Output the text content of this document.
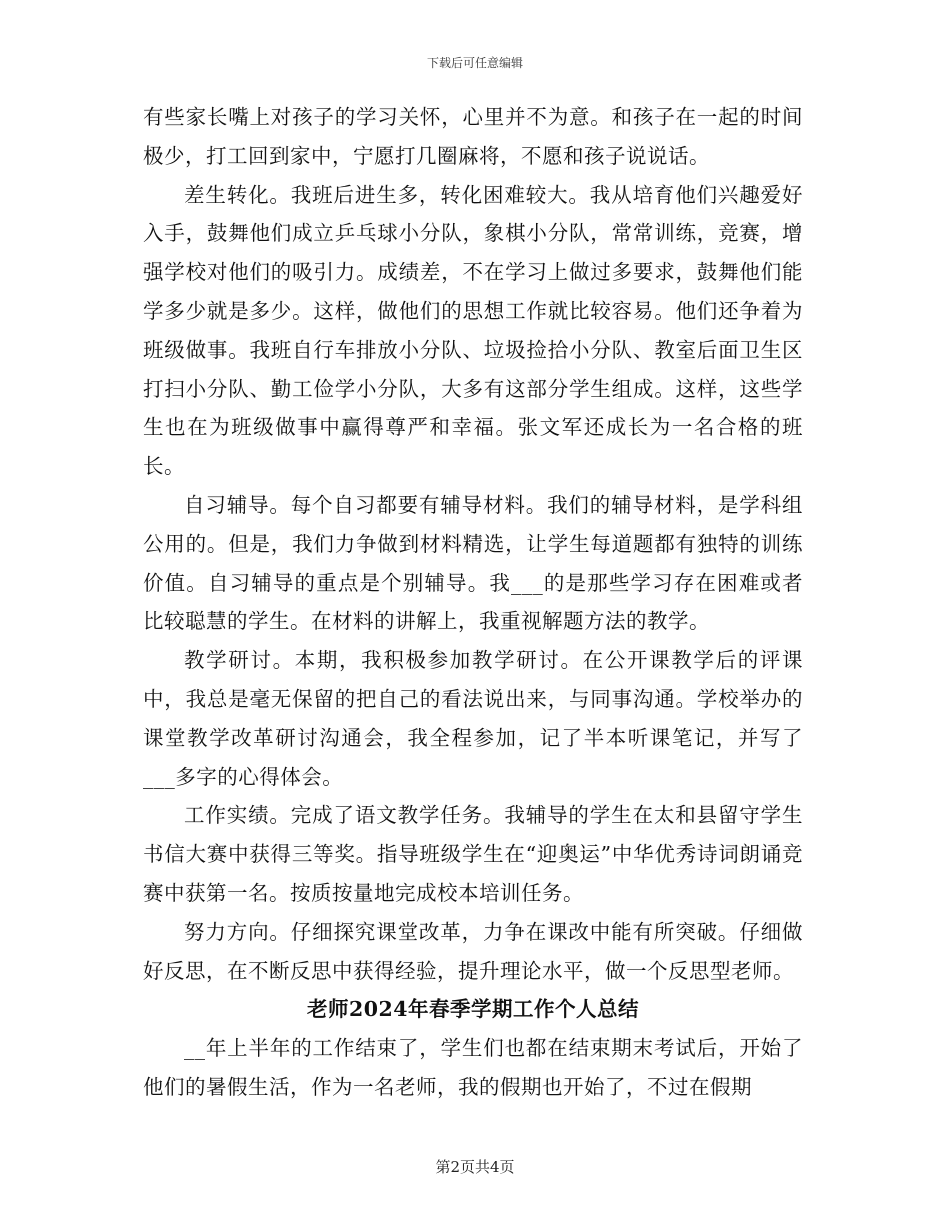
下载后可任意编辑

有些家长嘴上对孩子的学习关怀，心里并不为意。和孩子在一起的时间极少，打工回到家中，宁愿打几圈麻将，不愿和孩子说说话。

差生转化。我班后进生多，转化困难较大。我从培育他们兴趣爱好入手，鼓舞他们成立乒乓球小分队，象棋小分队，常常训练，竞赛，增强学校对他们的吸引力。成绩差，不在学习上做过多要求，鼓舞他们能学多少就是多少。这样，做他们的思想工作就比较容易。他们还争着为班级做事。我班自行车排放小分队、垃圾捡拾小分队、教室后面卫生区打扫小分队、勤工俭学小分队，大多有这部分学生组成。这样，这些学生也在为班级做事中赢得尊严和幸福。张文军还成长为一名合格的班长。

自习辅导。每个自习都要有辅导材料。我们的辅导材料，是学科组公用的。但是，我们力争做到材料精选，让学生每道题都有独特的训练价值。自习辅导的重点是个别辅导。我___的是那些学习存在困难或者比较聪慧的学生。在材料的讲解上，我重视解题方法的教学。

教学研讨。本期，我积极参加教学研讨。在公开课教学后的评课中，我总是毫无保留的把自己的看法说出来，与同事沟通。学校举办的课堂教学改革研讨沟通会，我全程参加，记了半本听课笔记，并写了___多字的心得体会。

工作实绩。完成了语文教学任务。我辅导的学生在太和县留守学生书信大赛中获得三等奖。指导班级学生在“迎奥运”中华优秀诗词朗诵竞赛中获第一名。按质按量地完成校本培训任务。

努力方向。仔细探究课堂改革，力争在课改中能有所突破。仔细做好反思，在不断反思中获得经验，提升理论水平，做一个反思型老师。

老师2024年春季学期工作个人总结

__年上半年的工作结束了，学生们也都在结束期末考试后，开始了他们的暑假生活，作为一名老师，我的假期也开始了，不过在假期

第2页共4页
